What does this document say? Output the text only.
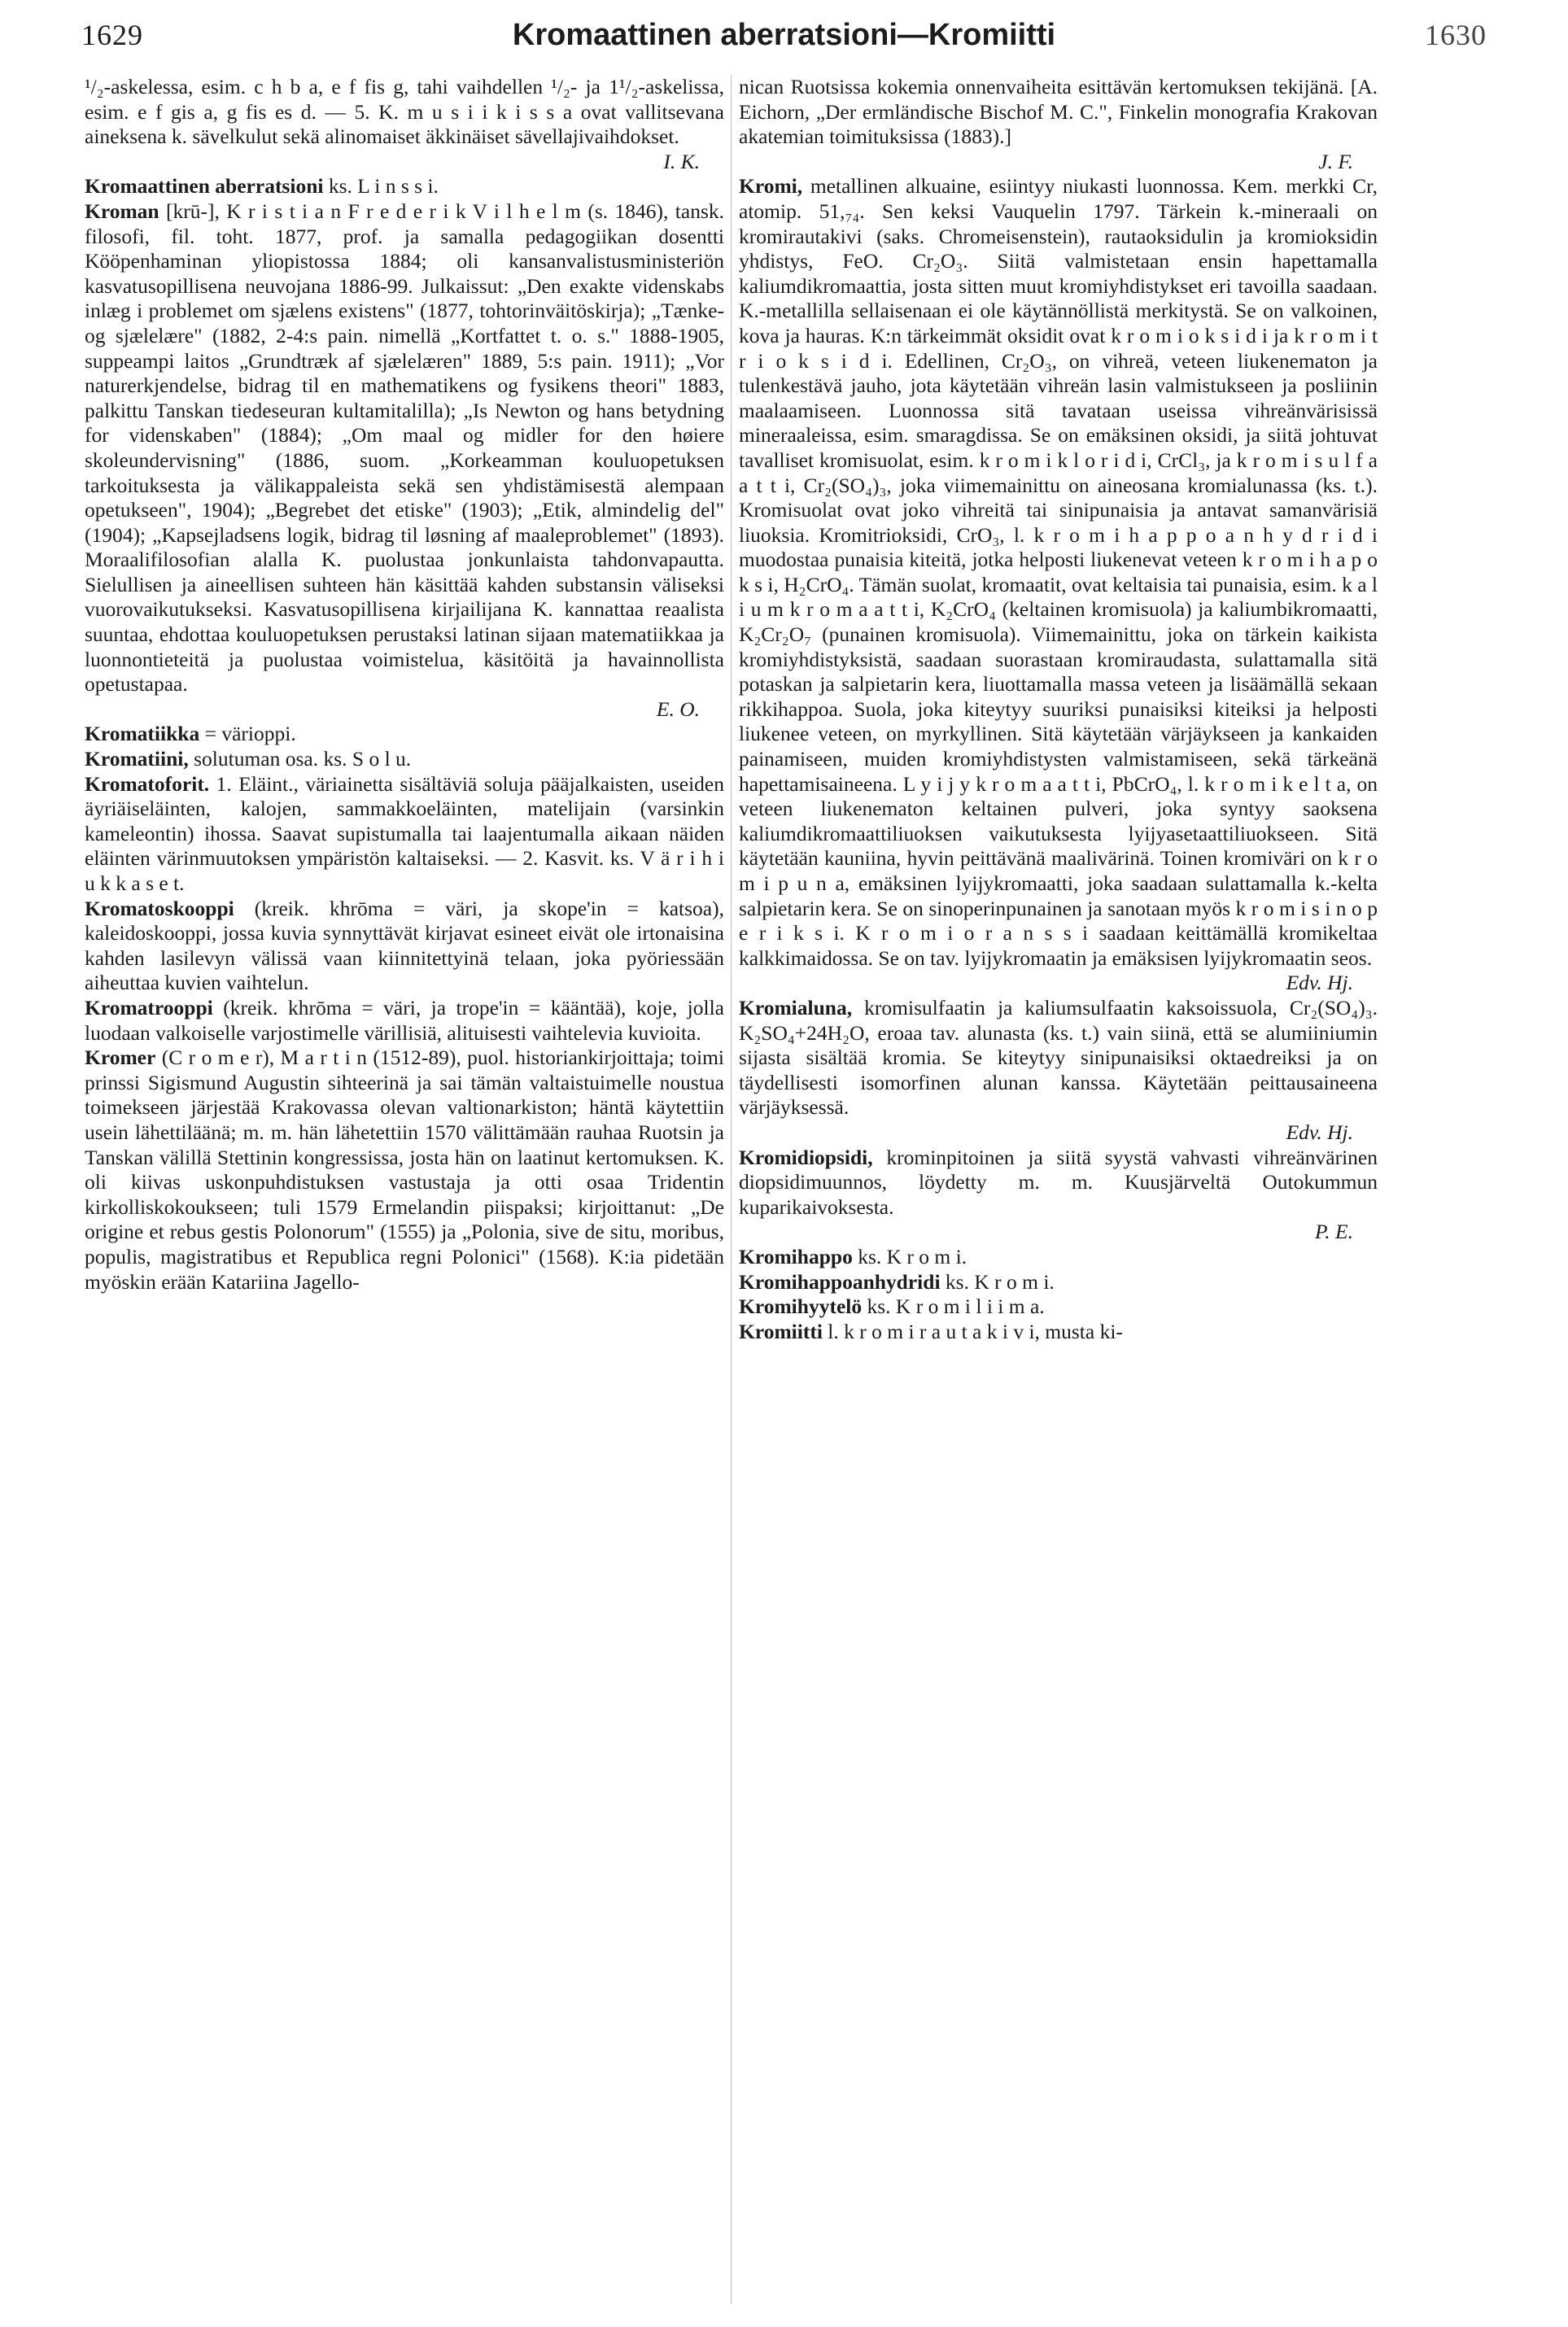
1629	Kromaattinen aberratsioni—Kromiitti	1630

¹/₂-askelessa, esim. c h b a, e f fis g, tahi vaihdellen ¹/₂- ja 1¹/₂-askelissa, esim. e f gis a, g fis es d. — 5. K. m u s i i k i s s a ovat vallitsevana aineksena k. sävelkulut sekä alinomaiset äkkinäiset sävellajivaihdokset.
I. K.

Kromaattinen aberratsioni ks. L i n s s i.

Kroman [krū-], K r i s t i a n F r e d e r i k V i l h e l m (s. 1846), tansk. filosofi, fil. toht. 1877, prof. ja samalla pedagogiikan dosentti Kööpenhaminan yliopistossa 1884; oli kansanvalistusministeriön kasvatusopillisena neuvojana 1886-99. Julkaissut: „Den exakte videnskabs inlæg i problemet om sjælens existens" (1877, tohtorinväitöskirja); „Tænke- og sjælelære" (1882, 2-4:s pain. nimellä „Kortfattet t. o. s." 1888-1905, suppeampi laitos „Grundtræk af sjælelæren" 1889, 5:s pain. 1911); „Vor naturerkjendelse, bidrag til en mathematikens og fysikens theori" 1883, palkittu Tanskan tiedeseuran kultamitalilla); „Is Newton og hans betydning for videnskaben" (1884); „Om maal og midler for den høiere skoleundervisning" (1886, suom. „Korkeamman kouluopetuksen tarkoituksesta ja välikappaleista sekä sen yhdistämisestä alempaan opetukseen", 1904); „Begrebet det etiske" (1903); „Etik, almindelig del" (1904); „Kapsejladsens logik, bidrag til løsning af maaleproblemet" (1893). Moraalifilosofian alalla K. puolustaa jonkunlaista tahdonvapautta. Sielullisen ja aineellisen suhteen hän käsittää kahden substansin väliseksi vuorovaikutukseksi. Kasvatusopillisena kirjailijana K. kannattaa reaalista suuntaa, ehdottaa kouluopetuksen perustaksi latinan sijaan matematiikkaa ja luonnontieteitä ja puolustaa voimistelua, käsitöitä ja havainnollista opetustapaa.
E. O.

Kromatiikka = värioppi.

Kromatiini, solutuman osa. ks. S o l u.

Kromatoforit. 1. Eläint., väriainetta sisältäviä soluja pääjalkaisten, useiden äyriäiseläinten, kalojen, sammakkoeläinten, matelijain (varsinkin kameleontin) ihossa. Saavat supistumalla tai laajentumalla aikaan näiden eläinten värinmuutoksen ympäristön kaltaiseksi. — 2. Kasvit. ks. V ä r i h i u k k a s e t.

Kromatoskooppi (kreik. khrōma = väri, ja skope'in = katsoa), kaleidoskooppi, jossa kuvia synnyttävät kirjavat esineet eivät ole irtonaisina kahden lasilevyn välissä vaan kiinnitettyinä telaan, joka pyöriessään aiheuttaa kuvien vaihtelun.

Kromatrooppi (kreik. khrōma = väri, ja trope'in = kääntää), koje, jolla luodaan valkoiselle varjostimelle värillisiä, alituisesti vaihtelevia kuvioita.

Kromer (C r o m e r), M a r t i n (1512-89), puol. historiankirjoittaja; toimi prinssi Sigismund Augustin sihteerinä ja sai tämän valtaistuimelle noustua toimekseen järjestää Krakovassa olevan valtionarkiston; häntä käytettiin usein lähettiläänä; m. m. hän lähetettiin 1570 välittämään rauhaa Ruotsin ja Tanskan välillä Stettinin kongressissa, josta hän on laatinut kertomuksen. K. oli kiivas uskonpuhdistuksen vastustaja ja otti osaa Tridentin kirkolliskokoukseen; tuli 1579 Ermelandin piispaksi; kirjoittanut: „De origine et rebus gestis Polonorum" (1555) ja „Polonia, sive de situ, moribus, populis, magistratibus et Republica regni Polonici" (1568). K:ia pidetään myöskin erään Katariina Jagello-

nican Ruotsissa kokemia onnenvaiheita esittävän kertomuksen tekijänä. [A. Eichorn, „Der ermländische Bischof M. C.", Finkelin monografia Krakovan akatemian toimituksissa (1883).]
J. F.

Kromi, metallinen alkuaine, esiintyy niukasti luonnossa. Kem. merkki Cr, atomip. 51,₇₄. Sen keksi Vauquelin 1797. Tärkein k.-mineraali on kromirautakivi (saks. Chromeisenstein), rautaoksidulin ja kromioksidin yhdistys, FeO. Cr₂O₃. Siitä valmistetaan ensin hapettamalla kaliumdikromaattia, josta sitten muut kromiyhdistykset eri tavoilla saadaan. K.-metallilla sellaisenaan ei ole käytännöllistä merkitystä. Se on valkoinen, kova ja hauras. K:n tärkeimmät oksidit ovat k r o m i o k s i d i ja k r o m i t r i o k s i d i. Edellinen, Cr₂O₃, on vihreä, veteen liukenematon ja tulenkestävä jauho, jota käytetään vihreän lasin valmistukseen ja posliinin maalaamiseen. Luonnossa sitä tavataan useissa vihreänvärisissä mineraaleissa, esim. smaragdissa. Se on emäksinen oksidi, ja siitä johtuvat tavalliset kromisuolat, esim. k r o m i k l o r i d i, CrCl₃, ja k r o m i s u l f a a t t i, Cr₂(SO₄)₃, joka viimemainittu on aineosana kromialunassa (ks. t.). Kromisuolat ovat joko vihreitä tai sinipunaisia ja antavat samanvärisiä liuoksia. Kromitrioksidi, CrO₃, l. k r o m i h a p p o a n h y d r i d i muodostaa punaisia kiteitä, jotka helposti liukenevat veteen k r o m i h a p o k s i, H₂CrO₄. Tämän suolat, kromaatit, ovat keltaisia tai punaisia, esim. k a l i u m k r o m a a t t i, K₂CrO₄ (keltainen kromisuola) ja kaliumbikromaatti, K₂Cr₂O₇ (punainen kromisuola). Viimemainittu, joka on tärkein kaikista kromiyhdistyksistä, saadaan suorastaan kromiraudasta, sulattamalla sitä potaskan ja salpietarin kera, liuottamalla massa veteen ja lisäämällä sekaan rikkihappoa. Suola, joka kiteytyy suuriksi punaisiksi kiteiksi ja helposti liukenee veteen, on myrkyllinen. Sitä käytetään värjäykseen ja kankaiden painamiseen, muiden kromiyhdistysten valmistamiseen, sekä tärkeänä hapettamisaineena. L y i j y k r o m a a t t i, PbCrO₄, l. k r o m i k e l t a, on veteen liukenematon keltainen pulveri, joka syntyy saoksena kaliumdikromaattiliuoksen vaikutuksesta lyijyasetaattiliuokseen. Sitä käytetään kauniina, hyvin peittävänä maalivärinä. Toinen kromiväri on k r o m i p u n a, emäksinen lyijykromaatti, joka saadaan sulattamalla k.-kelta salpietarin kera. Se on sinoperinpunainen ja sanotaan myös k r o m i s i n o p e r i k s i. K r o m i o r a n s s i saadaan keittämällä kromikeltaa kalkkimaidossa. Se on tav. lyijykromaatin ja emäksisen lyijykromaatin seos.
Edv. Hj.

Kromialuna, kromisulfaatin ja kaliumsulfaatin kaksoissuola, Cr₂(SO₄)₃. K₂SO₄+24H₂O, eroaa tav. alunasta (ks. t.) vain siinä, että se alumiiniumin sijasta sisältää kromia. Se kiteytyy sinipunaisiksi oktaedreiksi ja on täydellisesti isomorfinen alunan kanssa. Käytetään peittausaineena värjäyksessä.
Edv. Hj.

Kromidiopsidi, krominpitoinen ja siitä syystä vahvasti vihreänvärinen diopsidimuunnos, löydetty m. m. Kuusjärveltä Outokummun kuparikaivoksesta.
P. E.

Kromihappo ks. K r o m i.

Kromihappoanhydridi ks. K r o m i.

Kromihyytelö ks. K r o m i l i i m a.

Kromiitti l. k r o m i r a u t a k i v i, musta ki-
